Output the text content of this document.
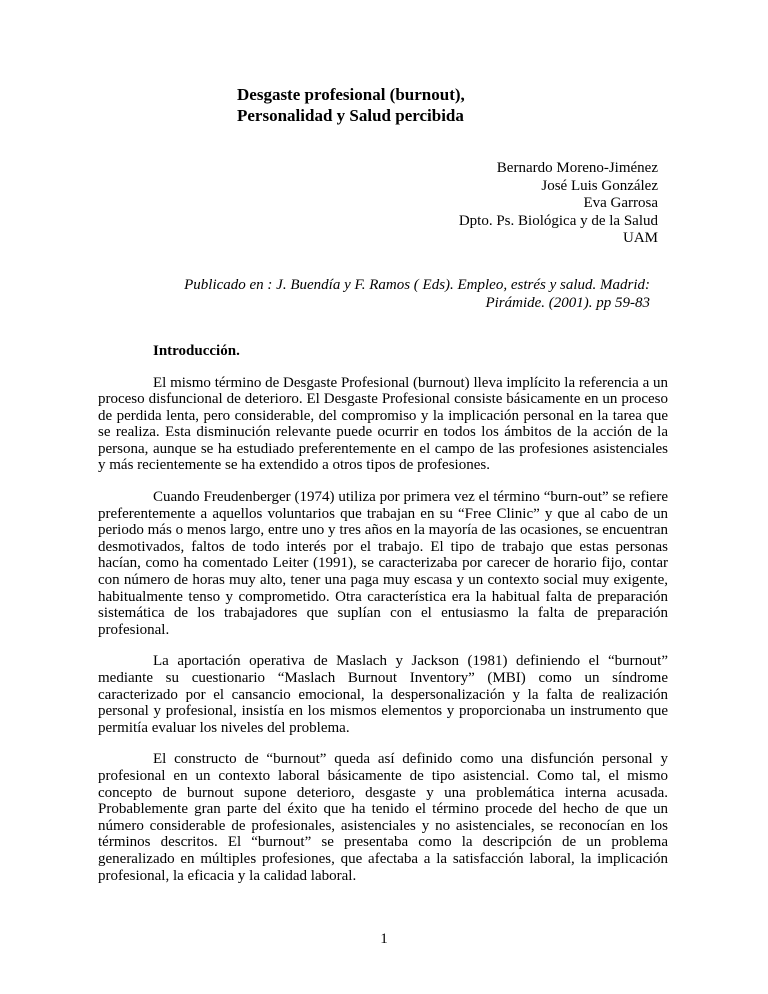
Desgaste profesional (burnout),
Personalidad y Salud percibida
Bernardo Moreno-Jiménez
José Luis González
Eva Garrosa
Dpto. Ps. Biológica y de la Salud
UAM
Publicado en : J. Buendía y F. Ramos ( Eds). Empleo, estrés y salud. Madrid:
Pirámide. (2001). pp 59-83
Introducción.

El mismo término de Desgaste Profesional (burnout) lleva implícito la referencia a un proceso disfuncional de deterioro. El Desgaste Profesional consiste básicamente en un proceso de perdida lenta, pero considerable, del compromiso y la implicación personal en la tarea que se realiza. Esta disminución relevante puede ocurrir en todos los ámbitos de la acción de la persona, aunque se ha estudiado preferentemente en el campo de las profesiones asistenciales y más recientemente se ha extendido a otros tipos de profesiones.

Cuando Freudenberger (1974) utiliza por primera vez el término “burn-out” se refiere preferentemente a aquellos voluntarios que trabajan en su “Free Clinic” y que al cabo de un periodo más o menos largo, entre uno y tres años en la mayoría de las ocasiones, se encuentran desmotivados, faltos de todo interés por el trabajo. El tipo de trabajo que estas personas hacían, como ha comentado Leiter (1991), se caracterizaba por carecer de horario fijo, contar con número de horas muy alto, tener una paga muy escasa y un contexto social muy exigente, habitualmente tenso y comprometido. Otra característica era la habitual falta de preparación sistemática de los trabajadores que suplían con el entusiasmo la falta de preparación profesional.

La aportación operativa de Maslach y Jackson (1981) definiendo el “burnout” mediante su cuestionario “Maslach Burnout Inventory” (MBI) como un síndrome caracterizado por el cansancio emocional, la despersonalización y la falta de realización personal y profesional, insistía en los mismos elementos y proporcionaba un instrumento que permitía evaluar los niveles del problema.

El constructo de “burnout” queda así definido como una disfunción personal y profesional en un contexto laboral básicamente de tipo asistencial. Como tal, el mismo concepto de burnout supone deterioro, desgaste y una problemática interna acusada. Probablemente gran parte del éxito que ha tenido el término procede del hecho de que un número considerable de profesionales, asistenciales y no asistenciales, se reconocían en los términos descritos. El “burnout” se presentaba como la descripción de un problema generalizado en múltiples profesiones, que afectaba a la satisfacción laboral, la implicación profesional, la eficacia y la calidad laboral.

1
